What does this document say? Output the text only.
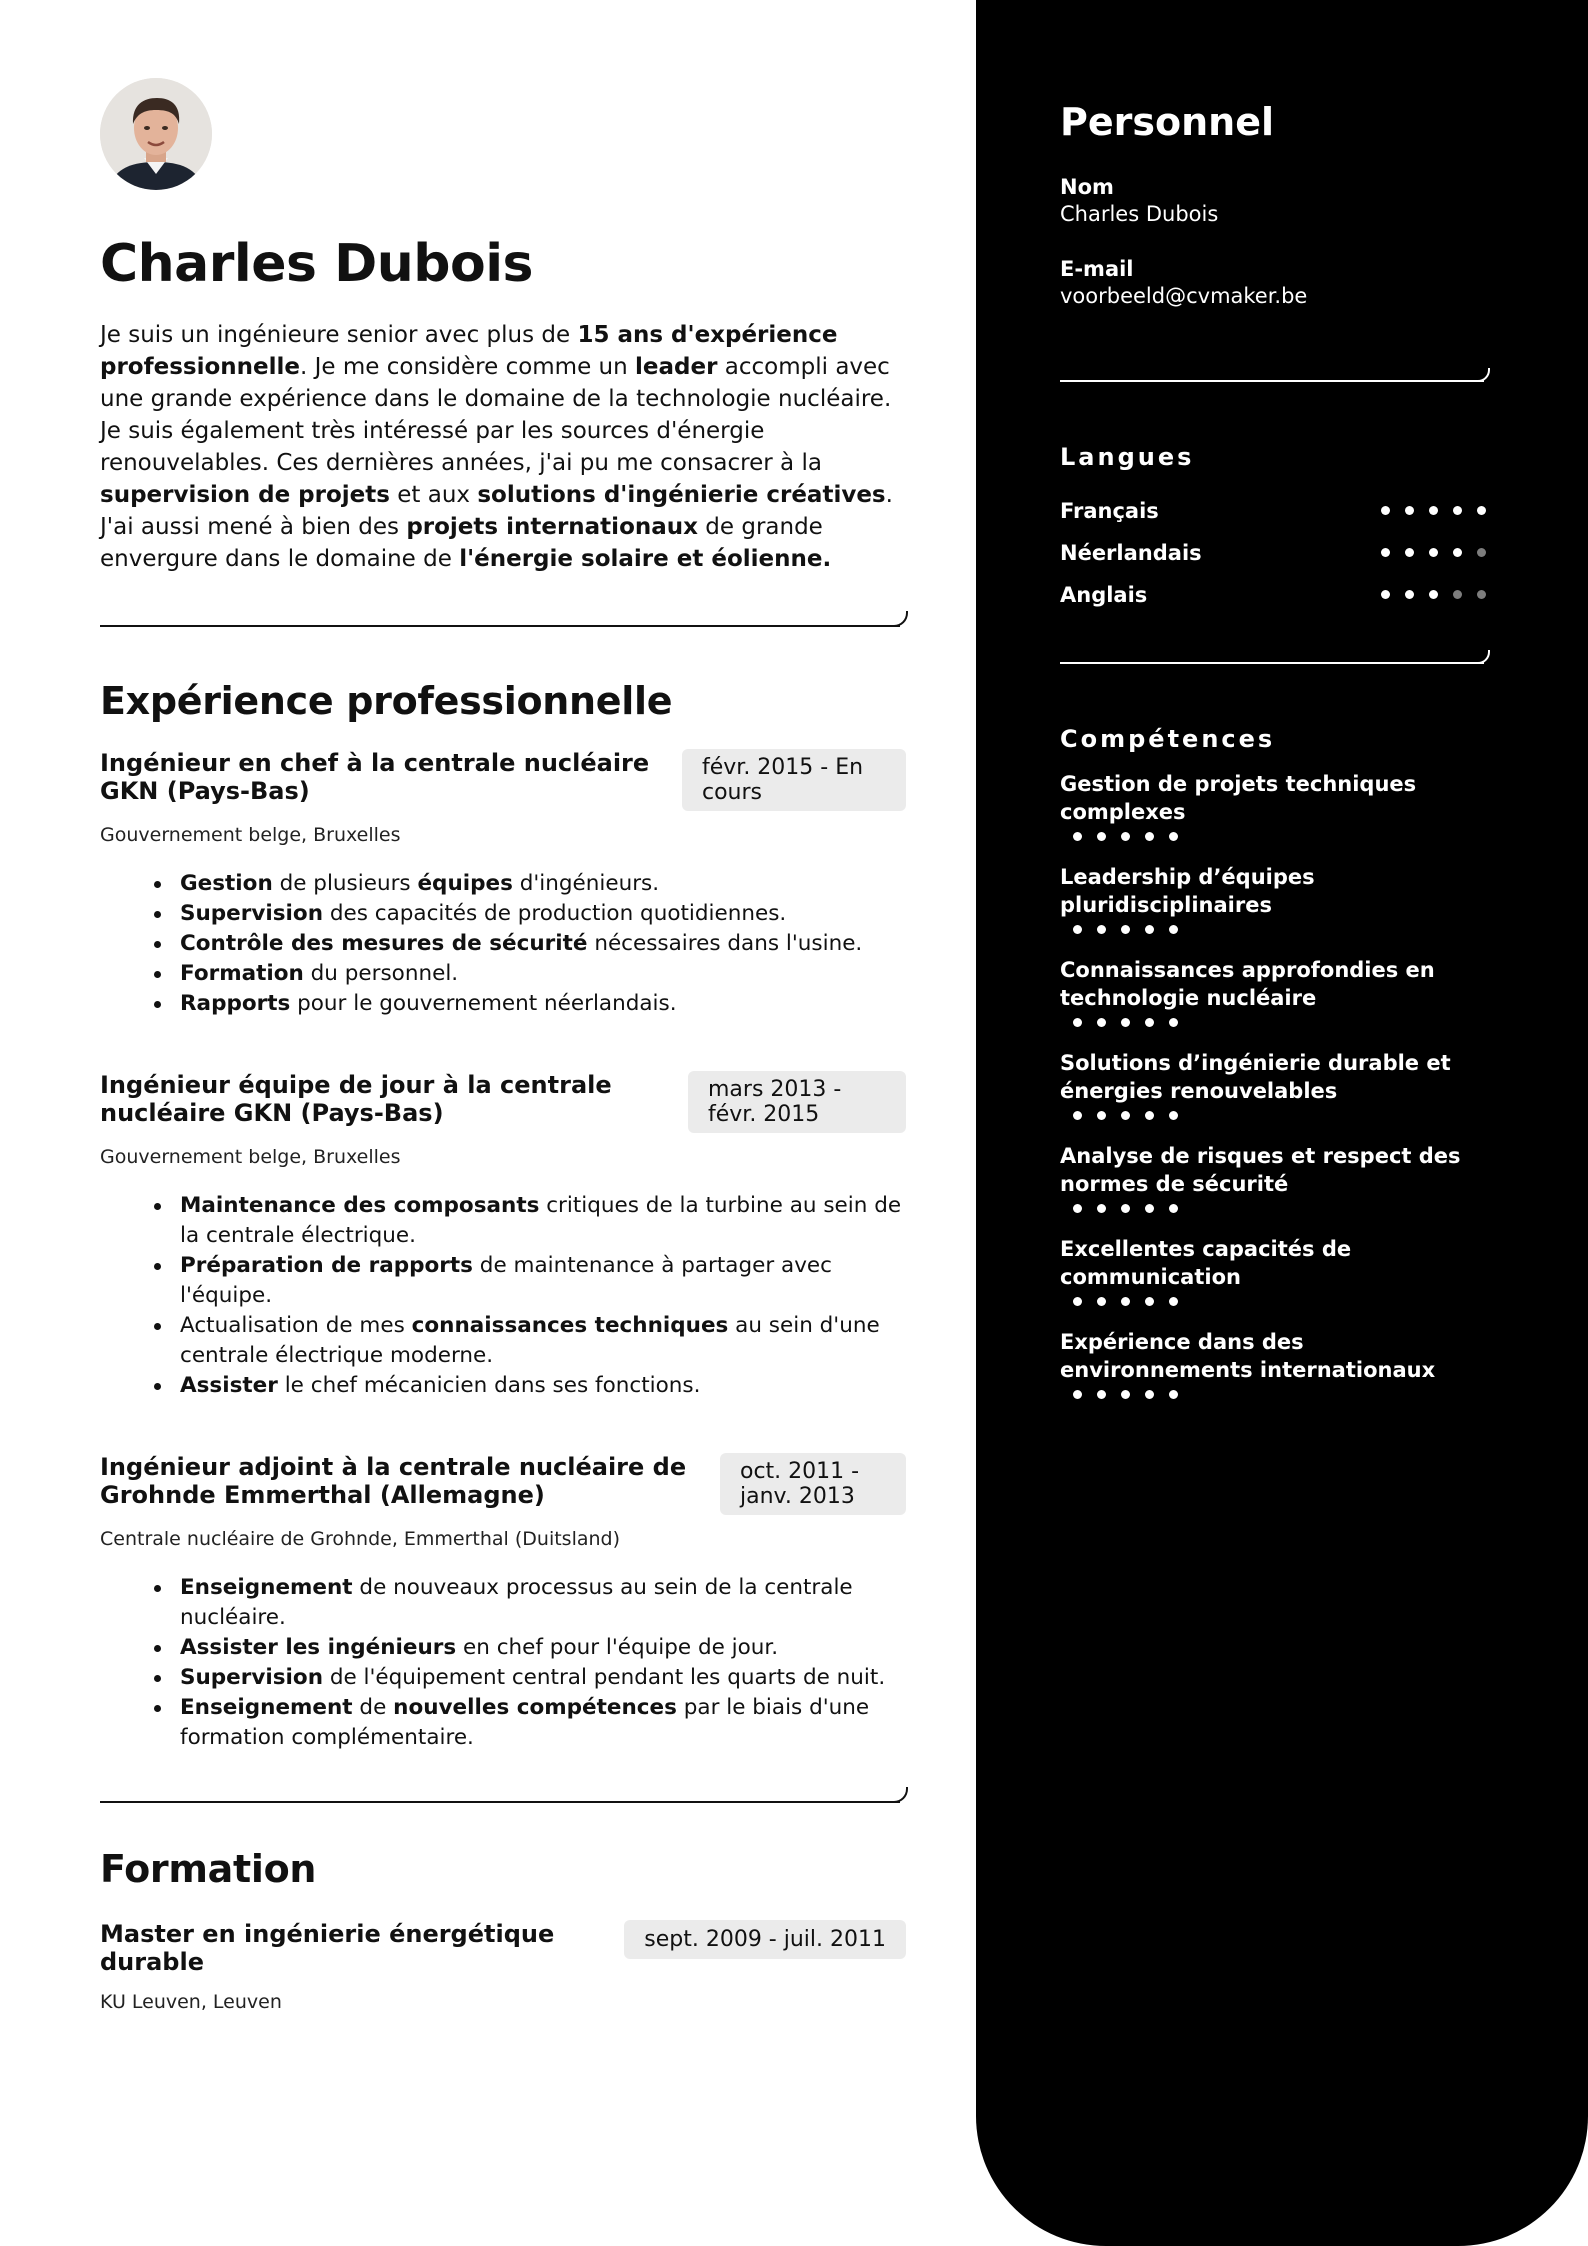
Charles Dubois

Je suis un ingénieure senior avec plus de 15 ans d'expérience professionnelle. Je me considère comme un leader accompli avec une grande expérience dans le domaine de la technologie nucléaire. Je suis également très intéressé par les sources d'énergie renouvelables. Ces dernières années, j'ai pu me consacrer à la supervision de projets et aux solutions d'ingénierie créatives. J'ai aussi mené à bien des projets internationaux de grande envergure dans le domaine de l'énergie solaire et éolienne.

Expérience professionnelle
Ingénieur en chef à la centrale nucléaire GKN (Pays-Bas)
févr. 2015 - En cours
Gouvernement belge, Bruxelles
Gestion de plusieurs équipes d'ingénieurs.
Supervision des capacités de production quotidiennes.
Contrôle des mesures de sécurité nécessaires dans l'usine.
Formation du personnel.
Rapports pour le gouvernement néerlandais.
Ingénieur équipe de jour à la centrale nucléaire GKN (Pays-Bas)
mars 2013 - févr. 2015
Gouvernement belge, Bruxelles
Maintenance des composants critiques de la turbine au sein de la centrale électrique.
Préparation de rapports de maintenance à partager avec l'équipe.
Actualisation de mes connaissances techniques au sein d'une centrale électrique moderne.
Assister le chef mécanicien dans ses fonctions.
Ingénieur adjoint à la centrale nucléaire de Grohnde Emmerthal (Allemagne)
oct. 2011 - janv. 2013
Centrale nucléaire de Grohnde, Emmerthal (Duitsland)
Enseignement de nouveaux processus au sein de la centrale nucléaire.
Assister les ingénieurs en chef pour l'équipe de jour.
Supervision de l'équipement central pendant les quarts de nuit.
Enseignement de nouvelles compétences par le biais d'une formation complémentaire.
Formation
Master en ingénierie énergétique durable
sept. 2009 - juil. 2011
KU Leuven, Leuven
Personnel
Nom
Charles Dubois
E-mail
voorbeeld@cvmaker.be
Langues
Français
Néerlandais
Anglais
Compétences
Gestion de projets techniques complexes
Leadership d’équipes pluridisciplinaires
Connaissances approfondies en technologie nucléaire
Solutions d’ingénierie durable et énergies renouvelables
Analyse de risques et respect des normes de sécurité
Excellentes capacités de communication
Expérience dans des environnements internationaux
